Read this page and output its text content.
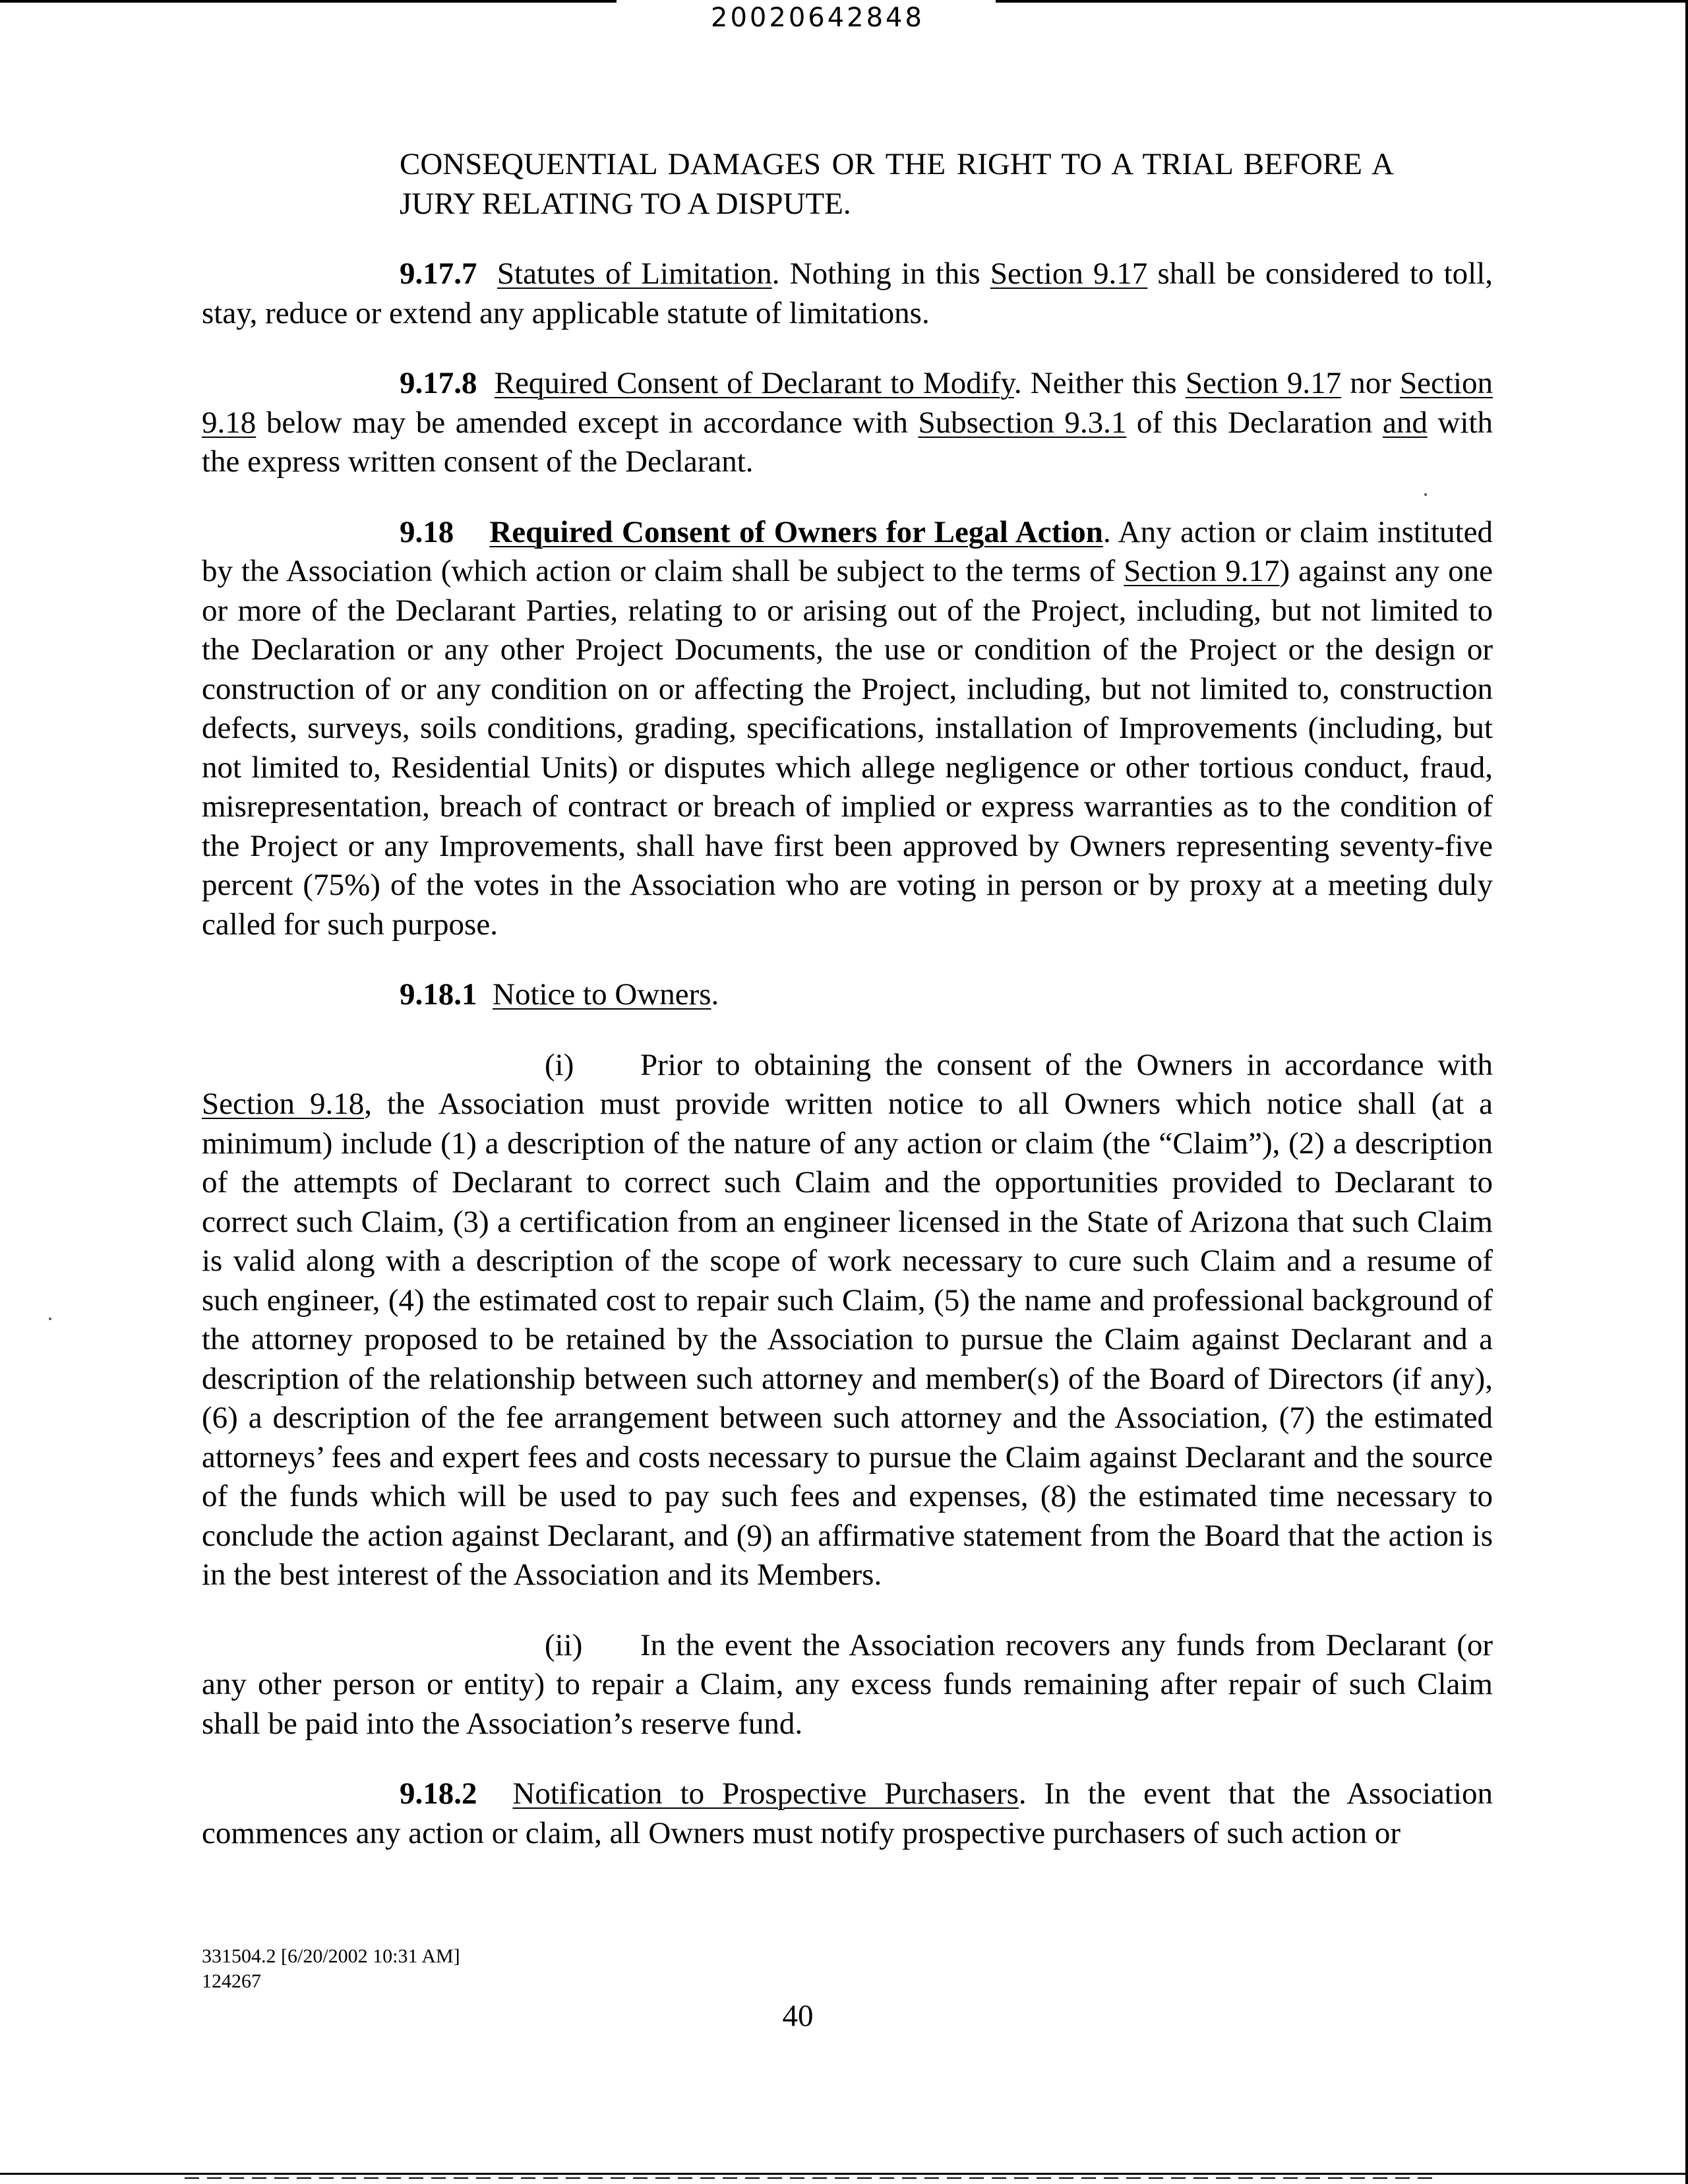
20020642848

CONSEQUENTIAL DAMAGES OR THE RIGHT TO A TRIAL BEFORE A JURY RELATING TO A DISPUTE.

9.17.7 Statutes of Limitation. Nothing in this Section 9.17 shall be considered to toll, stay, reduce or extend any applicable statute of limitations.

9.17.8 Required Consent of Declarant to Modify. Neither this Section 9.17 nor Section 9.18 below may be amended except in accordance with Subsection 9.3.1 of this Declaration and with the express written consent of the Declarant.

9.18 Required Consent of Owners for Legal Action. Any action or claim instituted by the Association (which action or claim shall be subject to the terms of Section 9.17) against any one or more of the Declarant Parties, relating to or arising out of the Project, including, but not limited to the Declaration or any other Project Documents, the use or condition of the Project or the design or construction of or any condition on or affecting the Project, including, but not limited to, construction defects, surveys, soils conditions, grading, specifications, installation of Improvements (including, but not limited to, Residential Units) or disputes which allege negligence or other tortious conduct, fraud, misrepresentation, breach of contract or breach of implied or express warranties as to the condition of the Project or any Improvements, shall have first been approved by Owners representing seventy-five percent (75%) of the votes in the Association who are voting in person or by proxy at a meeting duly called for such purpose.

9.18.1 Notice to Owners.

(i) Prior to obtaining the consent of the Owners in accordance with Section 9.18, the Association must provide written notice to all Owners which notice shall (at a minimum) include (1) a description of the nature of any action or claim (the “Claim”), (2) a description of the attempts of Declarant to correct such Claim and the opportunities provided to Declarant to correct such Claim, (3) a certification from an engineer licensed in the State of Arizona that such Claim is valid along with a description of the scope of work necessary to cure such Claim and a resume of such engineer, (4) the estimated cost to repair such Claim, (5) the name and professional background of the attorney proposed to be retained by the Association to pursue the Claim against Declarant and a description of the relationship between such attorney and member(s) of the Board of Directors (if any), (6) a description of the fee arrangement between such attorney and the Association, (7) the estimated attorneys’ fees and expert fees and costs necessary to pursue the Claim against Declarant and the source of the funds which will be used to pay such fees and expenses, (8) the estimated time necessary to conclude the action against Declarant, and (9) an affirmative statement from the Board that the action is in the best interest of the Association and its Members.

(ii) In the event the Association recovers any funds from Declarant (or any other person or entity) to repair a Claim, any excess funds remaining after repair of such Claim shall be paid into the Association’s reserve fund.

9.18.2 Notification to Prospective Purchasers. In the event that the Association commences any action or claim, all Owners must notify prospective purchasers of such action or

331504.2 [6/20/2002 10:31 AM]
124267
40
